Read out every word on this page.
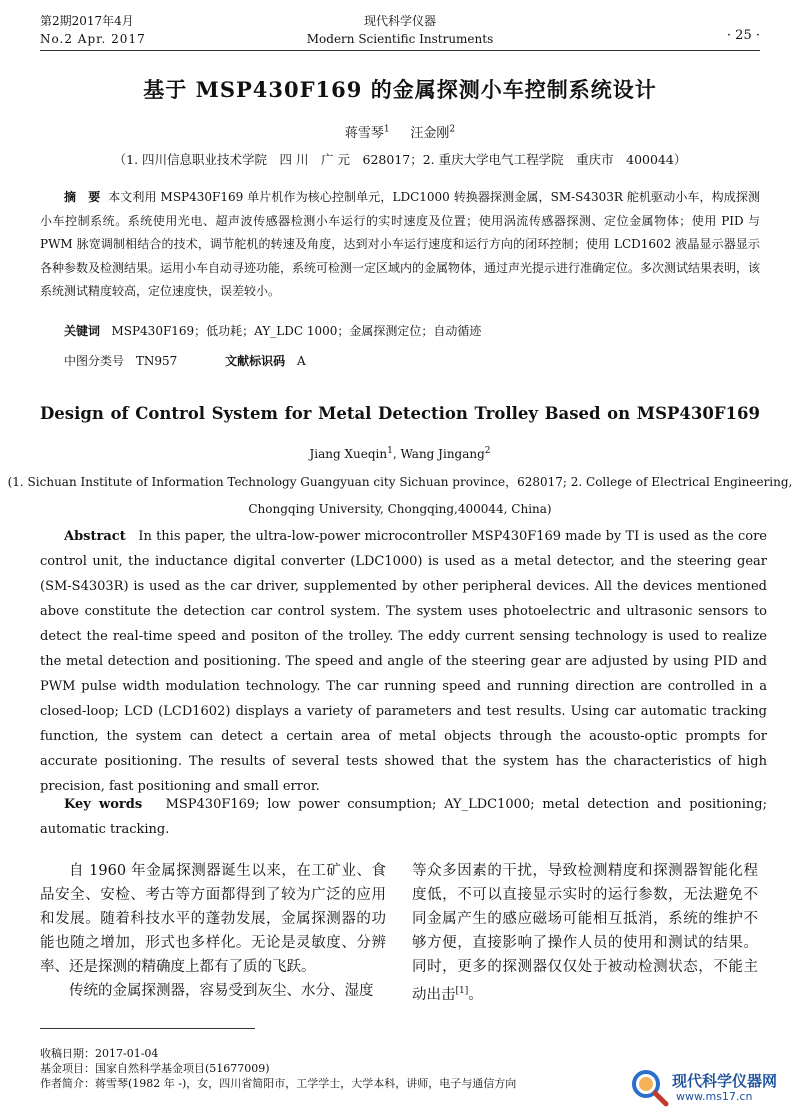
第2期2017年4月
No.2 Apr. 2017
现代科学仪器
Modern Scientific Instruments	· 25 ·
基于 MSP430F169 的金属探测小车控制系统设计
蒋雪琴$^1$ 汪金刚$^2$
（1. 四川信息职业技术学院　四 川　广 元　628017；2. 重庆大学电气工程学院　重庆市　400044）
摘　要 本文利用 MSP430F169 单片机作为核心控制单元，LDC1000 转换器探测金属，SM-S4303R 舵机驱动小车，构成探测小车控制系统。系统使用光电、超声波传感器检测小车运行的实时速度及位置；使用涡流传感器探测、定位金属物体；使用 PID 与 PWM 脉宽调制相结合的技术，调节舵机的转速及角度，达到对小车运行速度和运行方向的闭环控制；使用 LCD1602 液晶显示器显示各种参数及检测结果。运用小车自动寻迹功能，系统可检测一定区域内的金属物体，通过声光提示进行准确定位。多次测试结果表明，该系统测试精度较高，定位速度快，误差较小。
关键词 MSP430F169；低功耗；AY_LDC 1000；金属探测定位；自动循迹
中图分类号 TN957	文献标识码 A
Design of Control System for Metal Detection Trolley Based on MSP430F169
Jiang Xueqin$^1$, Wang Jingang$^2$
(1. Sichuan Institute of Information Technology Guangyuan city Sichuan province，628017; 2. College of Electrical Engineering,
Chongqing University, Chongqing,400044, China)
Abstract In this paper, the ultra-low-power microcontroller MSP430F169 made by TI is used as the core control unit, the inductance digital converter (LDC1000) is used as a metal detector, and the steering gear (SM-S4303R) is used as the car driver, supplemented by other peripheral devices. All the devices mentioned above constitute the detection car control system. The system uses photoelectric and ultrasonic sensors to detect the real-time speed and positon of the trolley. The eddy current sensing technology is used to realize the metal detection and positioning. The speed and angle of the steering gear are adjusted by using PID and PWM pulse width modulation technology. The car running speed and running direction are controlled in a closed-loop; LCD (LCD1602) displays a variety of parameters and test results. Using car automatic tracking function, the system can detect a certain area of metal objects through the acousto-optic prompts for accurate positioning. The results of several tests showed that the system has the characteristics of high precision, fast positioning and small error.
Key words MSP430F169; low power consumption; AY_LDC1000; metal detection and positioning; automatic tracking.

自 1960 年金属探测器诞生以来，在工矿业、食品安全、安检、考古等方面都得到了较为广泛的应用和发展。随着科技水平的蓬勃发展，金属探测器的功能也随之增加，形式也多样化。无论是灵敏度、分辨率、还是探测的精确度上都有了质的飞跃。

传统的金属探测器，容易受到灰尘、水分、湿度

等众多因素的干扰，导致检测精度和探测器智能化程度低，不可以直接显示实时的运行参数，无法避免不同金属产生的感应磁场可能相互抵消，系统的维护不够方便，直接影响了操作人员的使用和测试的结果。同时，更多的探测器仅仅处于被动检测状态，不能主动出击[1]。

收稿日期：2017-01-04
基金项目：国家自然科学基金项目(51677009)
作者简介：蒋雪琴(1982 年 -)，女，四川省简阳市，工学学士，大学本科，讲师，电子与通信方向	现代科学仪器网
www.ms17.cn
